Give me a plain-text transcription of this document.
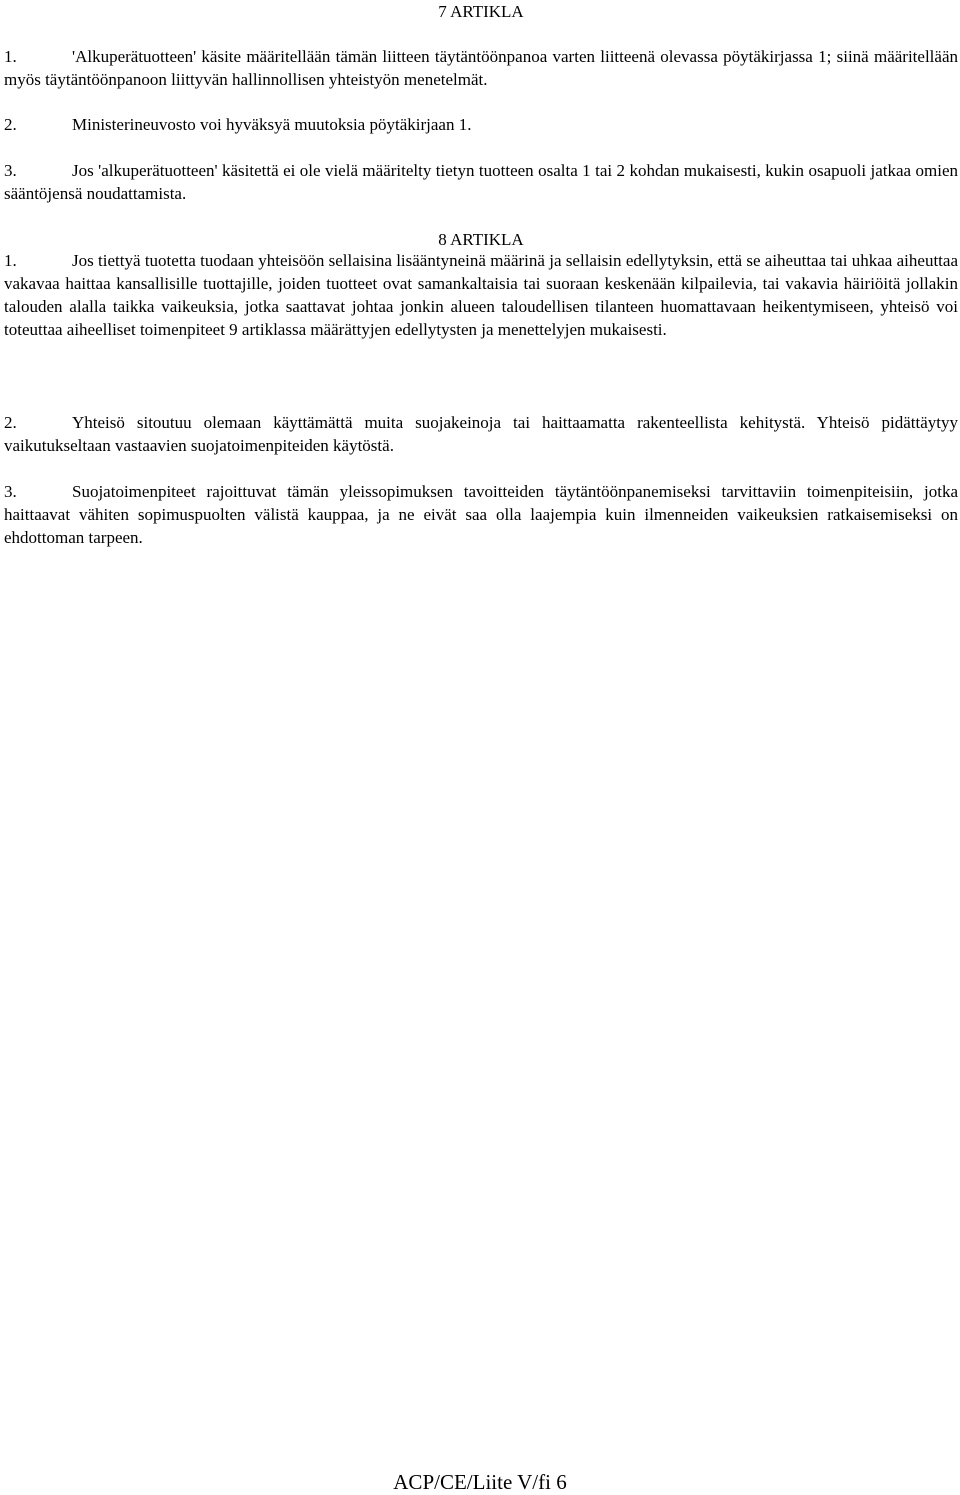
7 ARTIKLA

1.	'Alkuperätuotteen' käsite määritellään tämän liitteen täytäntöönpanoa varten liitteenä olevassa pöytäkirjassa 1; siinä määritellään myös täytäntöönpanoon liittyvän hallinnollisen yhteistyön menetelmät.

2.	Ministerineuvosto voi hyväksyä muutoksia pöytäkirjaan 1.

3.	Jos 'alkuperätuotteen' käsitettä ei ole vielä määritelty tietyn tuotteen osalta 1 tai 2 kohdan mukaisesti, kukin osapuoli jatkaa omien sääntöjensä noudattamista.

8 ARTIKLA

1.	Jos tiettyä tuotetta tuodaan yhteisöön sellaisina lisääntyneinä määrinä ja sellaisin edellytyksin, että se aiheuttaa tai uhkaa aiheuttaa vakavaa haittaa kansallisille tuottajille, joiden tuotteet ovat samankaltaisia tai suoraan keskenään kilpailevia, tai vakavia häiriöitä jollakin talouden alalla taikka vaikeuksia, jotka saattavat johtaa jonkin alueen taloudellisen tilanteen huomattavaan heikentymiseen, yhteisö voi toteuttaa aiheelliset toimenpiteet 9 artiklassa määrättyjen edellytysten ja menettelyjen mukaisesti.

2.	Yhteisö sitoutuu olemaan käyttämättä muita suojakeinoja tai haittaamatta rakenteellista kehitystä. Yhteisö pidättäytyy vaikutukseltaan vastaavien suojatoimenpiteiden käytöstä.

3.	Suojatoimenpiteet rajoittuvat tämän yleissopimuksen tavoitteiden täytäntöönpanemiseksi tarvittaviin toimenpiteisiin, jotka haittaavat vähiten sopimuspuolten välistä kauppaa, ja ne eivät saa olla laajempia kuin ilmenneiden vaikeuksien ratkaisemiseksi on ehdottoman tarpeen.

ACP/CE/Liite V/fi 6
